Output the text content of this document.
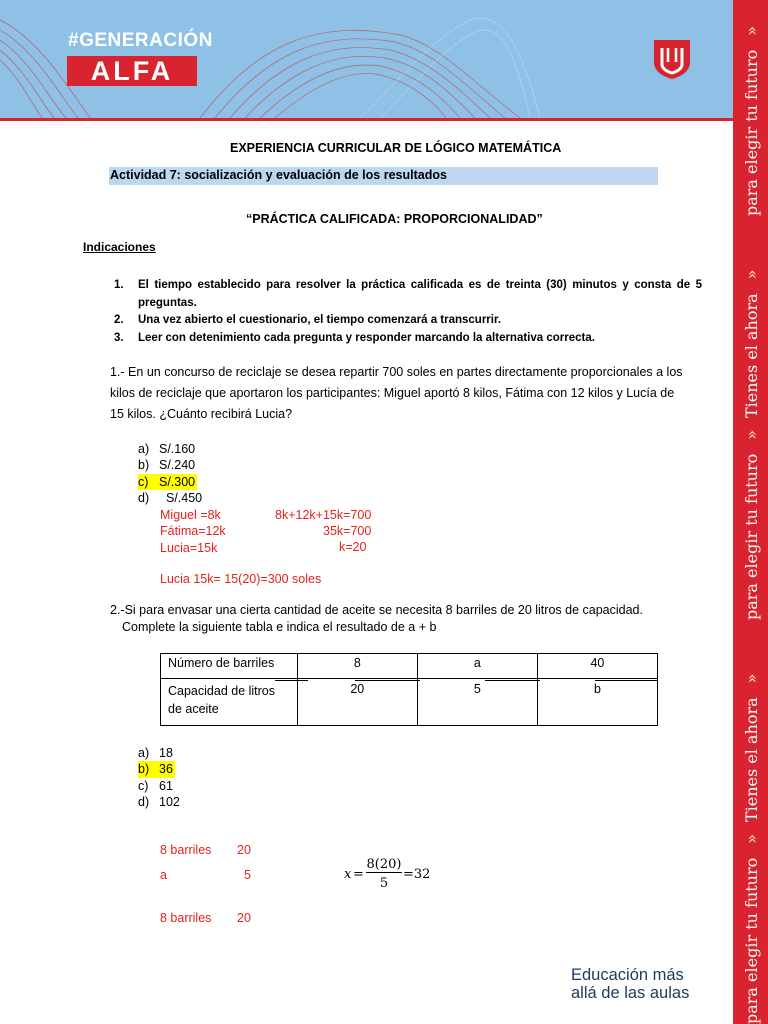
#GENERACIÓN
ALFA
para elegir tu futuro»Tienes el ahora»para elegir tu futuro»Tienes el ahora»para elegir tu futuro»
EXPERIENCIA CURRICULAR DE LÓGICO MATEMÁTICA
Actividad 7: socialización y evaluación de los resultados
“PRÁCTICA CALIFICADA: PROPORCIONALIDAD”
Indicaciones
1. El tiempo establecido para resolver la práctica calificada es de treinta (30) minutos y consta de 5
preguntas.
2. Una vez abierto el cuestionario, el tiempo comenzará a transcurrir.
3. Leer con detenimiento cada pregunta y responder marcando la alternativa correcta.
1.- En un concurso de reciclaje se desea repartir 700 soles en partes directamente proporcionales a los
kilos de reciclaje que aportaron los participantes: Miguel aportó 8 kilos, Fátima con 12 kilos y Lucía de
15 kilos. ¿Cuánto recibirá Lucia?
a) S/.160
b) S/.240
c) S/.300
d) S/.450
Miguel =8k
Fátima=12k
Lucia=15k
8k+12k+15k=700
35k=700
k=20
Lucia 15k= 15(20)=300 soles
2.-Si para envasar una cierta cantidad de aceite se necesita 8 barriles de 20 litros de capacidad.
Complete la siguiente tabla e indica el resultado de a + b
Número de barriles	8	a	40

Capacidad de litros
de aceite	20	5	b
a) 18
b) 36
c) 61
d) 102
8 barriles 20
a	5
8 barriles 20
x =
8(20)
5
=32
Educación más
allá de las aulas
